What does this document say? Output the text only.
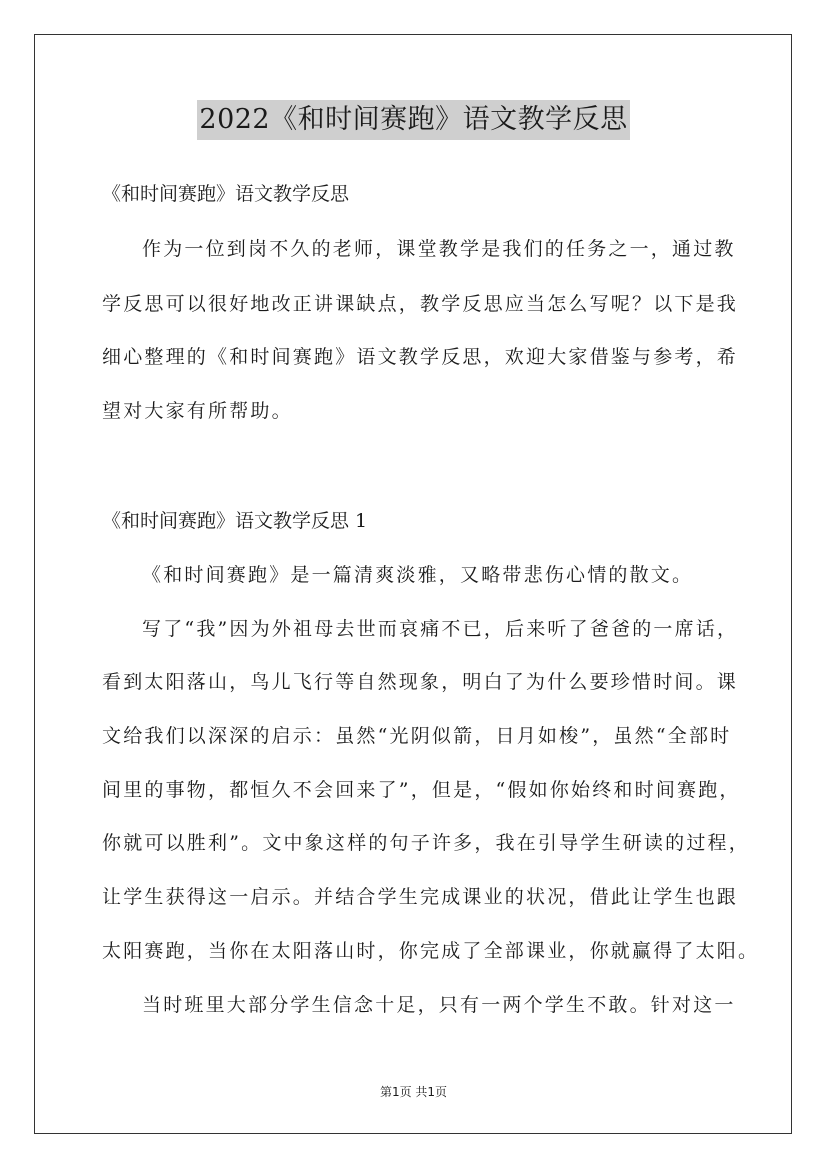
2022《和时间赛跑》语文教学反思
《和时间赛跑》语文教学反思
作为一位到岗不久的老师，课堂教学是我们的任务之一，通过教
学反思可以很好地改正讲课缺点，教学反思应当怎么写呢？以下是我
细心整理的《和时间赛跑》语文教学反思，欢迎大家借鉴与参考，希
望对大家有所帮助。
《和时间赛跑》语文教学反思 1
《和时间赛跑》是一篇清爽淡雅，又略带悲伤心情的散文。
写了“我”因为外祖母去世而哀痛不已，后来听了爸爸的一席话，
看到太阳落山，鸟儿飞行等自然现象，明白了为什么要珍惜时间。课
文给我们以深深的启示：虽然“光阴似箭，日月如梭”，虽然“全部时
间里的事物，都恒久不会回来了”，但是，“假如你始终和时间赛跑，
你就可以胜利”。文中象这样的句子许多，我在引导学生研读的过程，
让学生获得这一启示。并结合学生完成课业的状况，借此让学生也跟
太阳赛跑，当你在太阳落山时，你完成了全部课业，你就赢得了太阳。
当时班里大部分学生信念十足，只有一两个学生不敢。针对这一
第1页 共1页
